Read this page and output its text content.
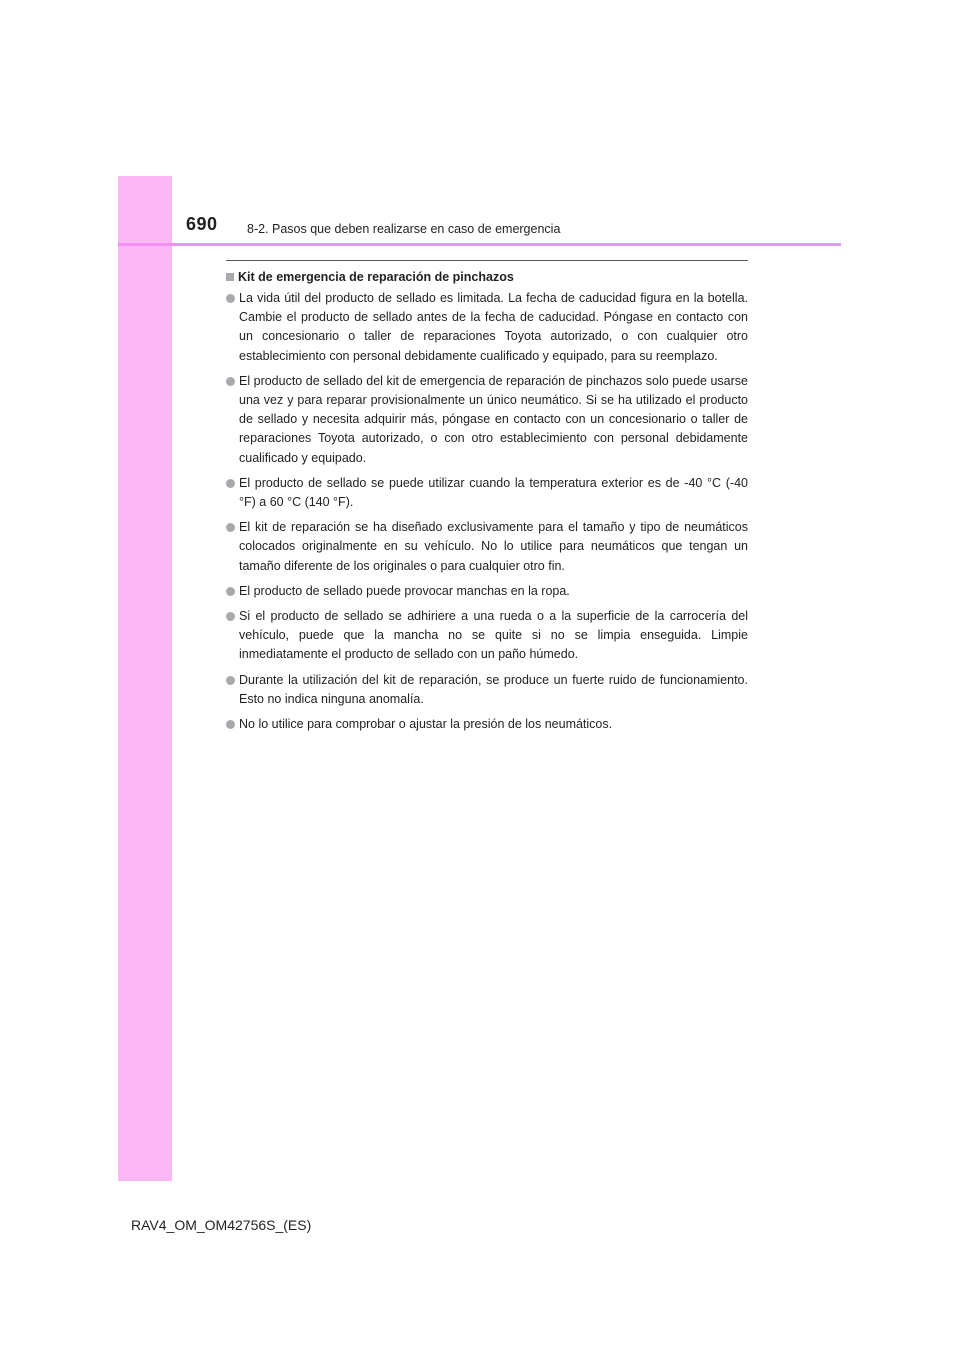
690 8-2. Pasos que deben realizarse en caso de emergencia
Kit de emergencia de reparación de pinchazos
La vida útil del producto de sellado es limitada. La fecha de caducidad figura en la botella. Cambie el producto de sellado antes de la fecha de caducidad. Póngase en contacto con un concesionario o taller de reparaciones Toyota autorizado, o con cualquier otro establecimiento con personal debidamente cualificado y equipado, para su reemplazo.
El producto de sellado del kit de emergencia de reparación de pinchazos solo puede usarse una vez y para reparar provisionalmente un único neumático. Si se ha utilizado el producto de sellado y necesita adquirir más, póngase en contacto con un concesionario o taller de reparaciones Toyota autorizado, o con otro establecimiento con personal debidamente cualificado y equipado.
El producto de sellado se puede utilizar cuando la temperatura exterior es de -40 °C (-40 °F) a 60 °C (140 °F).
El kit de reparación se ha diseñado exclusivamente para el tamaño y tipo de neumáticos colocados originalmente en su vehículo. No lo utilice para neumáticos que tengan un tamaño diferente de los originales o para cualquier otro fin.
El producto de sellado puede provocar manchas en la ropa.
Si el producto de sellado se adhiriere a una rueda o a la superficie de la carrocería del vehículo, puede que la mancha no se quite si no se limpia enseguida. Limpie inmediatamente el producto de sellado con un paño húmedo.
Durante la utilización del kit de reparación, se produce un fuerte ruido de funcionamiento. Esto no indica ninguna anomalía.
No lo utilice para comprobar o ajustar la presión de los neumáticos.
RAV4_OM_OM42756S_(ES)
